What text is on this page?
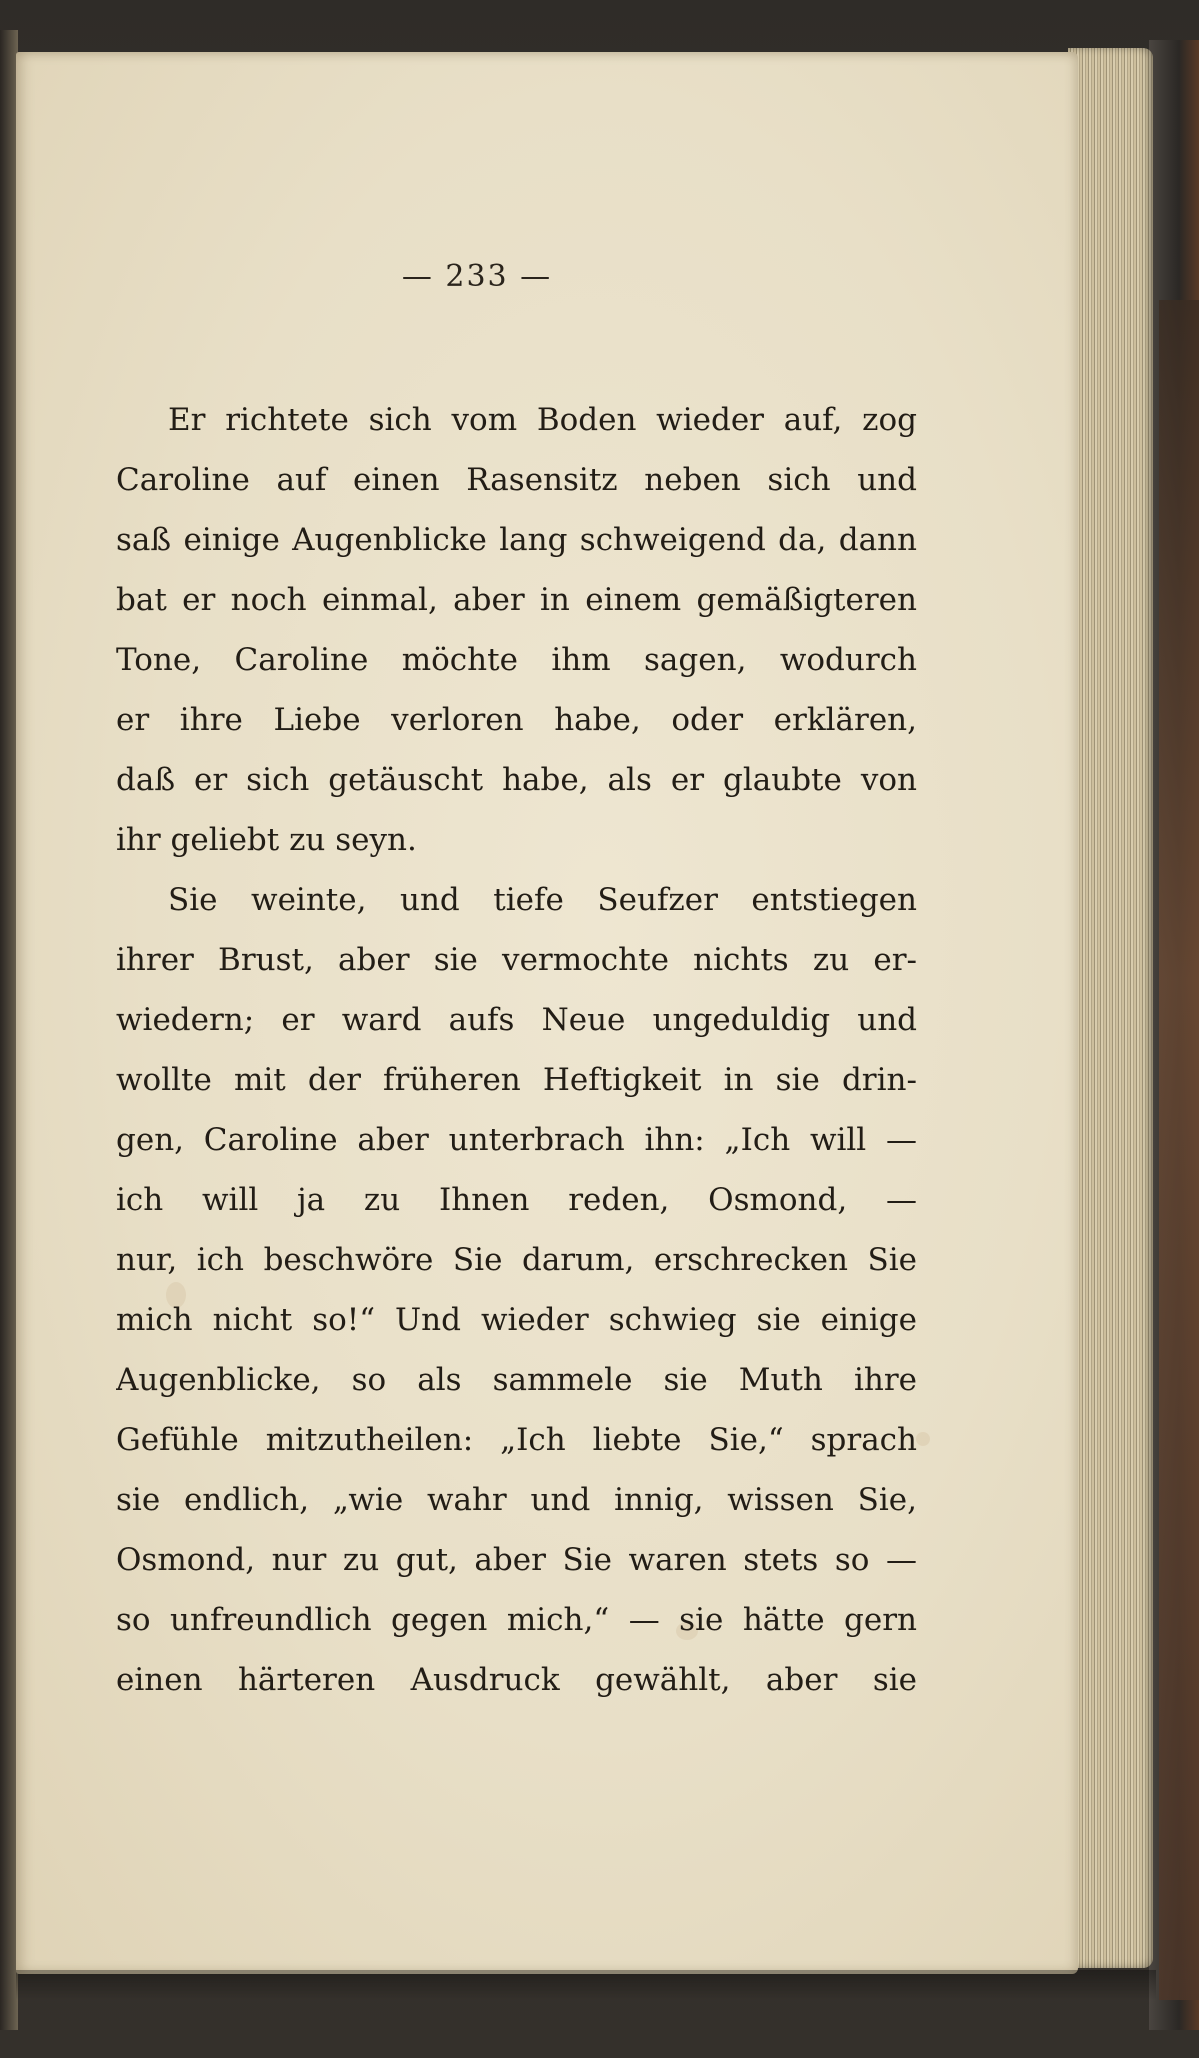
— 233 —
Er richtete sich vom Boden wieder auf, zog
Caroline auf einen Rasensitz neben sich und
saß einige Augenblicke lang schweigend da, dann
bat er noch einmal, aber in einem gemäßigteren
Tone, Caroline möchte ihm sagen, wodurch
er ihre Liebe verloren habe, oder erklären,
daß er sich getäuscht habe, als er glaubte von
ihr geliebt zu seyn.
Sie weinte, und tiefe Seufzer entstiegen
ihrer Brust, aber sie vermochte nichts zu er-
wiedern; er ward aufs Neue ungeduldig und
wollte mit der früheren Heftigkeit in sie drin-
gen, Caroline aber unterbrach ihn: „Ich will —
ich will ja zu Ihnen reden, Osmond, —
nur, ich beschwöre Sie darum, erschrecken Sie
mich nicht so!“ Und wieder schwieg sie einige
Augenblicke, so als sammele sie Muth ihre
Gefühle mitzutheilen: „Ich liebte Sie,“ sprach
sie endlich, „wie wahr und innig, wissen Sie,
Osmond, nur zu gut, aber Sie waren stets so —
so unfreundlich gegen mich,“ — sie hätte gern
einen härteren Ausdruck gewählt, aber sie
